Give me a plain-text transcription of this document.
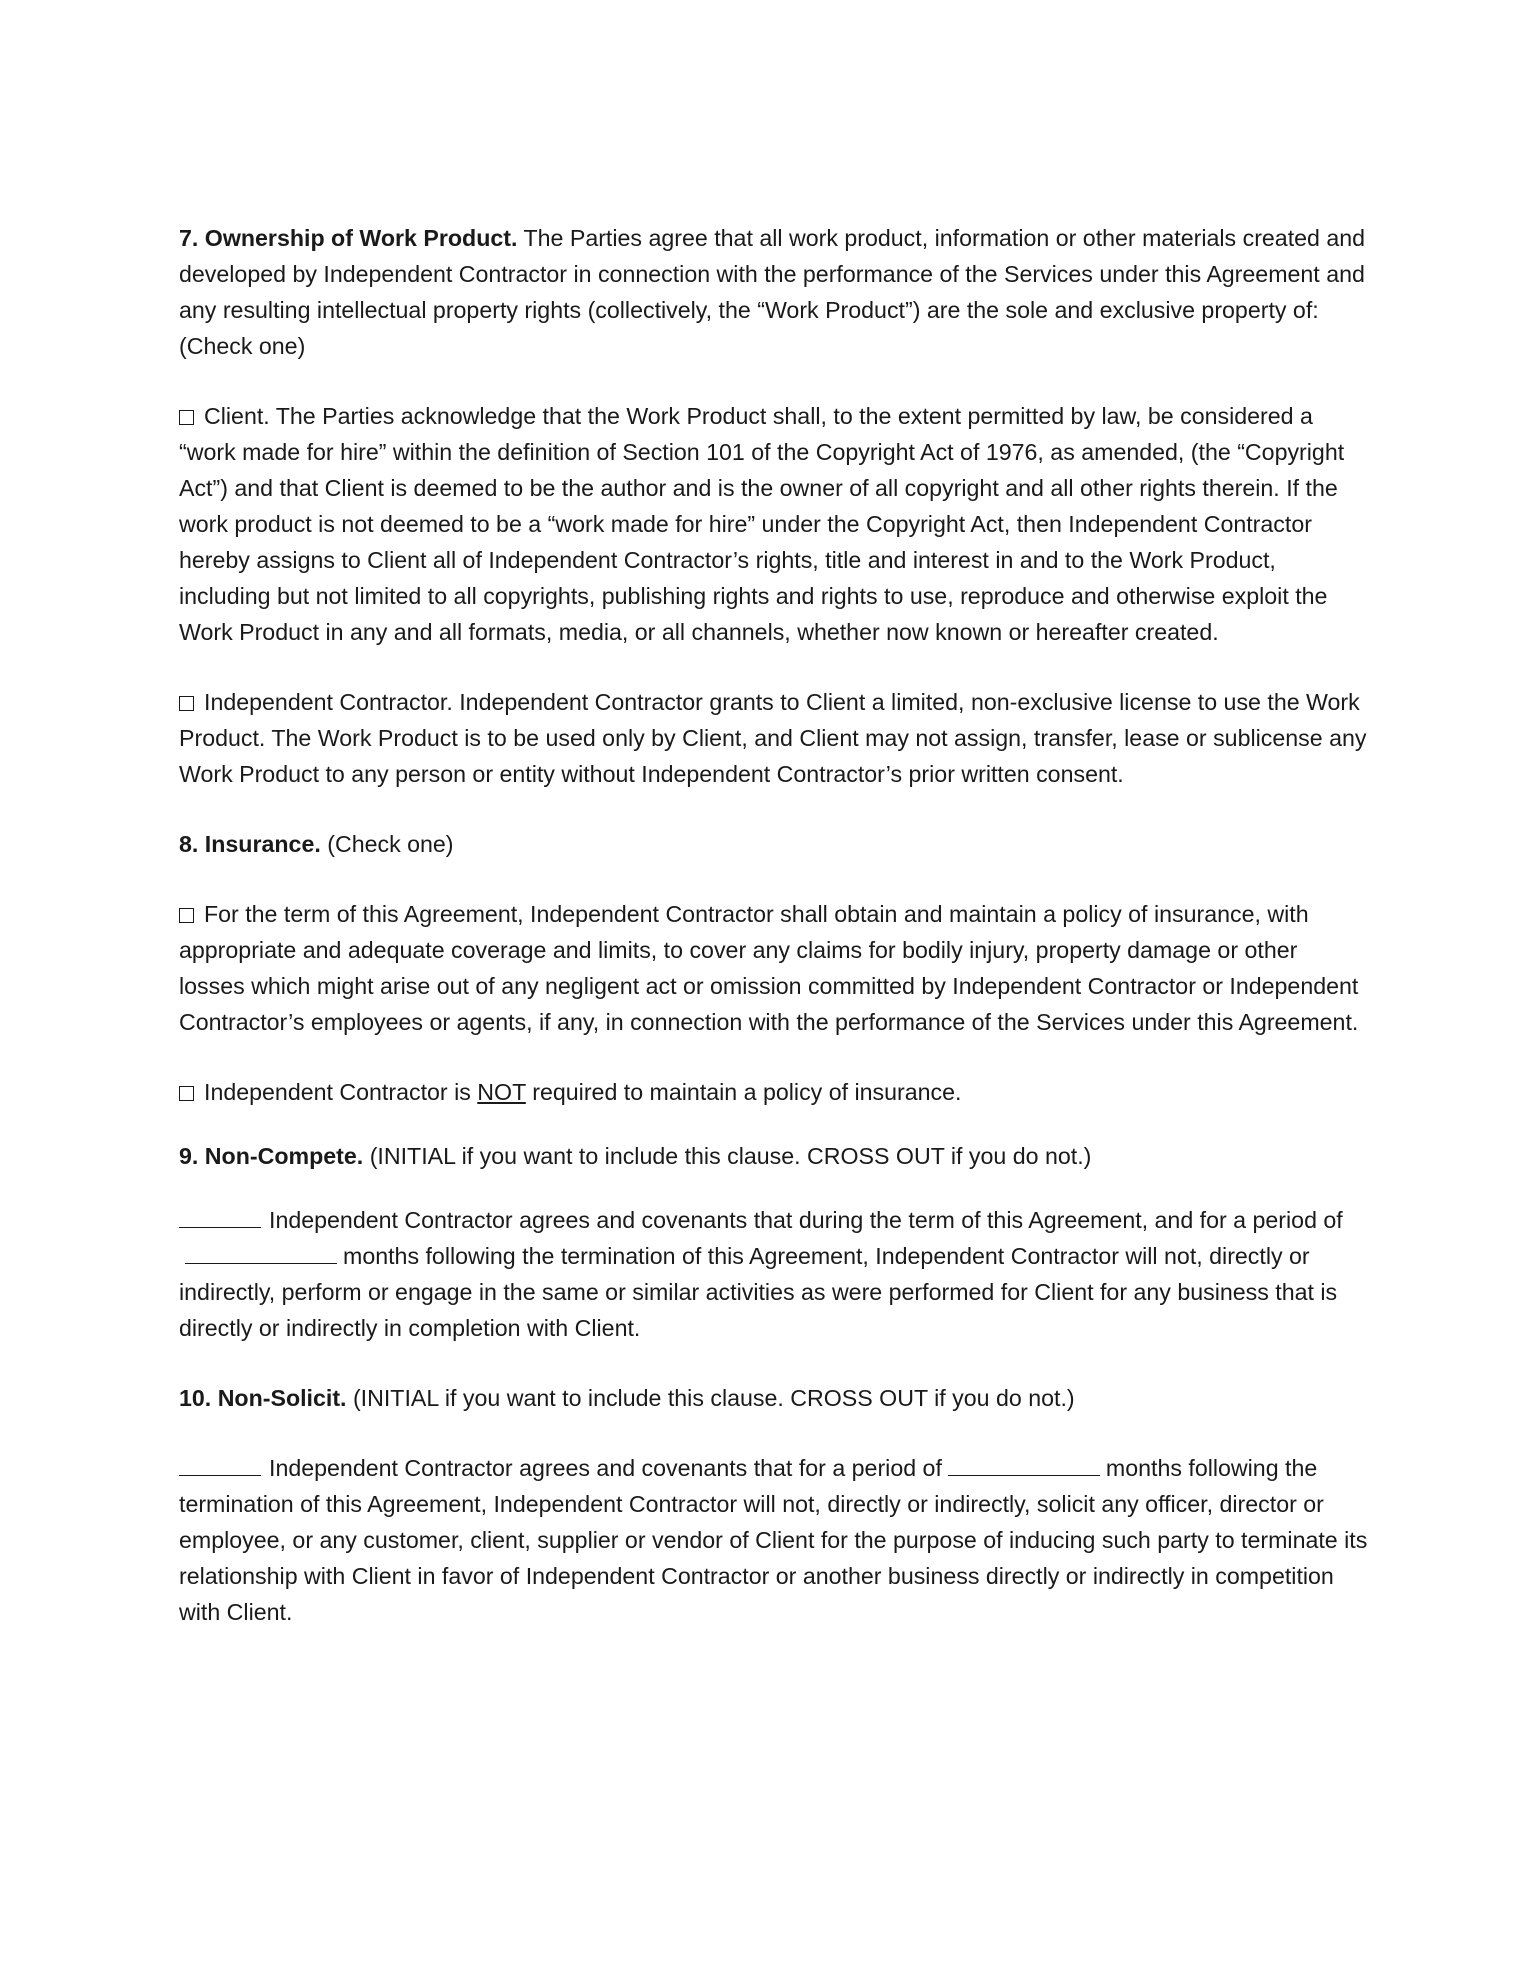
7. Ownership of Work Product. The Parties agree that all work product, information or other materials created and developed by Independent Contractor in connection with the performance of the Services under this Agreement and any resulting intellectual property rights (collectively, the “Work Product”) are the sole and exclusive property of: (Check one)

Client. The Parties acknowledge that the Work Product shall, to the extent permitted by law, be considered a “work made for hire” within the definition of Section 101 of the Copyright Act of 1976, as amended, (the “Copyright Act”) and that Client is deemed to be the author and is the owner of all copyright and all other rights therein. If the work product is not deemed to be a “work made for hire” under the Copyright Act, then Independent Contractor hereby assigns to Client all of Independent Contractor’s rights, title and interest in and to the Work Product, including but not limited to all copyrights, publishing rights and rights to use, reproduce and otherwise exploit the Work Product in any and all formats, media, or all channels, whether now known or hereafter created.

Independent Contractor. Independent Contractor grants to Client a limited, non-exclusive license to use the Work Product. The Work Product is to be used only by Client, and Client may not assign, transfer, lease or sublicense any Work Product to any person or entity without Independent Contractor’s prior written consent.

8. Insurance. (Check one)

For the term of this Agreement, Independent Contractor shall obtain and maintain a policy of insurance, with appropriate and adequate coverage and limits, to cover any claims for bodily injury, property damage or other losses which might arise out of any negligent act or omission committed by Independent Contractor or Independent Contractor’s employees or agents, if any, in connection with the performance of the Services under this Agreement.

Independent Contractor is NOT required to maintain a policy of insurance.

9. Non-Compete. (INITIAL if you want to include this clause. CROSS OUT if you do not.)

Independent Contractor agrees and covenants that during the term of this Agreement, and for a period ofmonths following the termination of this Agreement, Independent Contractor will not, directly or indirectly, perform or engage in the same or similar activities as were performed for Client for any business that is directly or indirectly in completion with Client.

10. Non-Solicit. (INITIAL if you want to include this clause. CROSS OUT if you do not.)

Independent Contractor agrees and covenants that for a period of	months following the termination of this Agreement, Independent Contractor will not, directly or indirectly, solicit any officer, director or employee, or any customer, client, supplier or vendor of Client for the purpose of inducing such party to terminate its relationship with Client in favor of Independent Contractor or another business directly or indirectly in competition with Client.
